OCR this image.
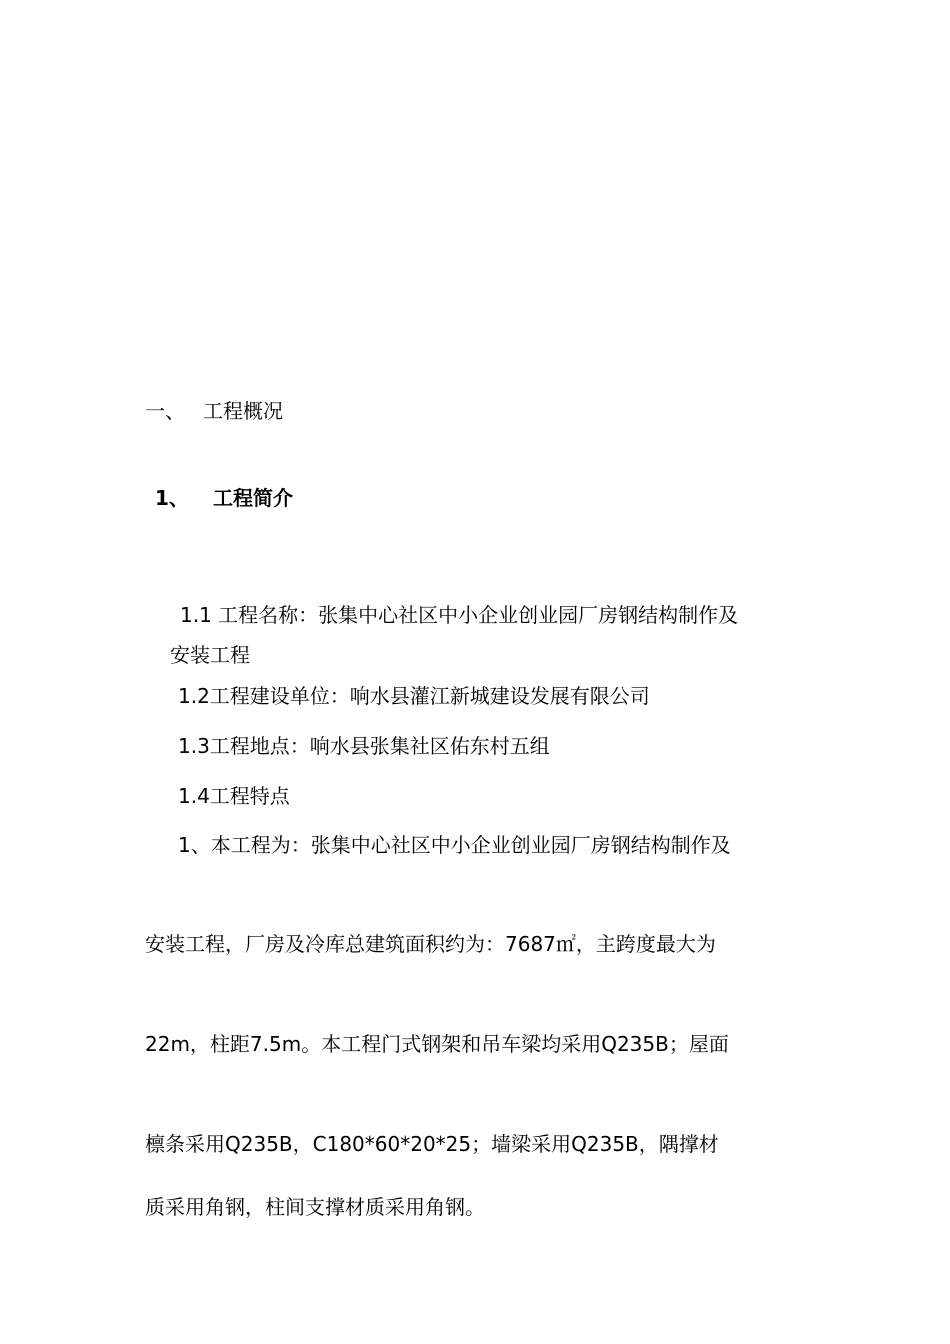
一、 工程概况
1、 工程简介
1.1 工程名称：张集中心社区中小企业创业园厂房钢结构制作及
安装工程
1.2工程建设单位：响水县灌江新城建设发展有限公司
1.3工程地点：响水县张集社区佑东村五组
1.4工程特点
1、本工程为：张集中心社区中小企业创业园厂房钢结构制作及
安装工程，厂房及冷库总建筑面积约为：7687㎡，主跨度最大为
22m，柱距7.5m。本工程门式钢架和吊车梁均采用Q235B；屋面
檩条采用Q235B，C180*60*20*25；墙梁采用Q235B，隅撑材
质采用角钢，柱间支撑材质采用角钢。
